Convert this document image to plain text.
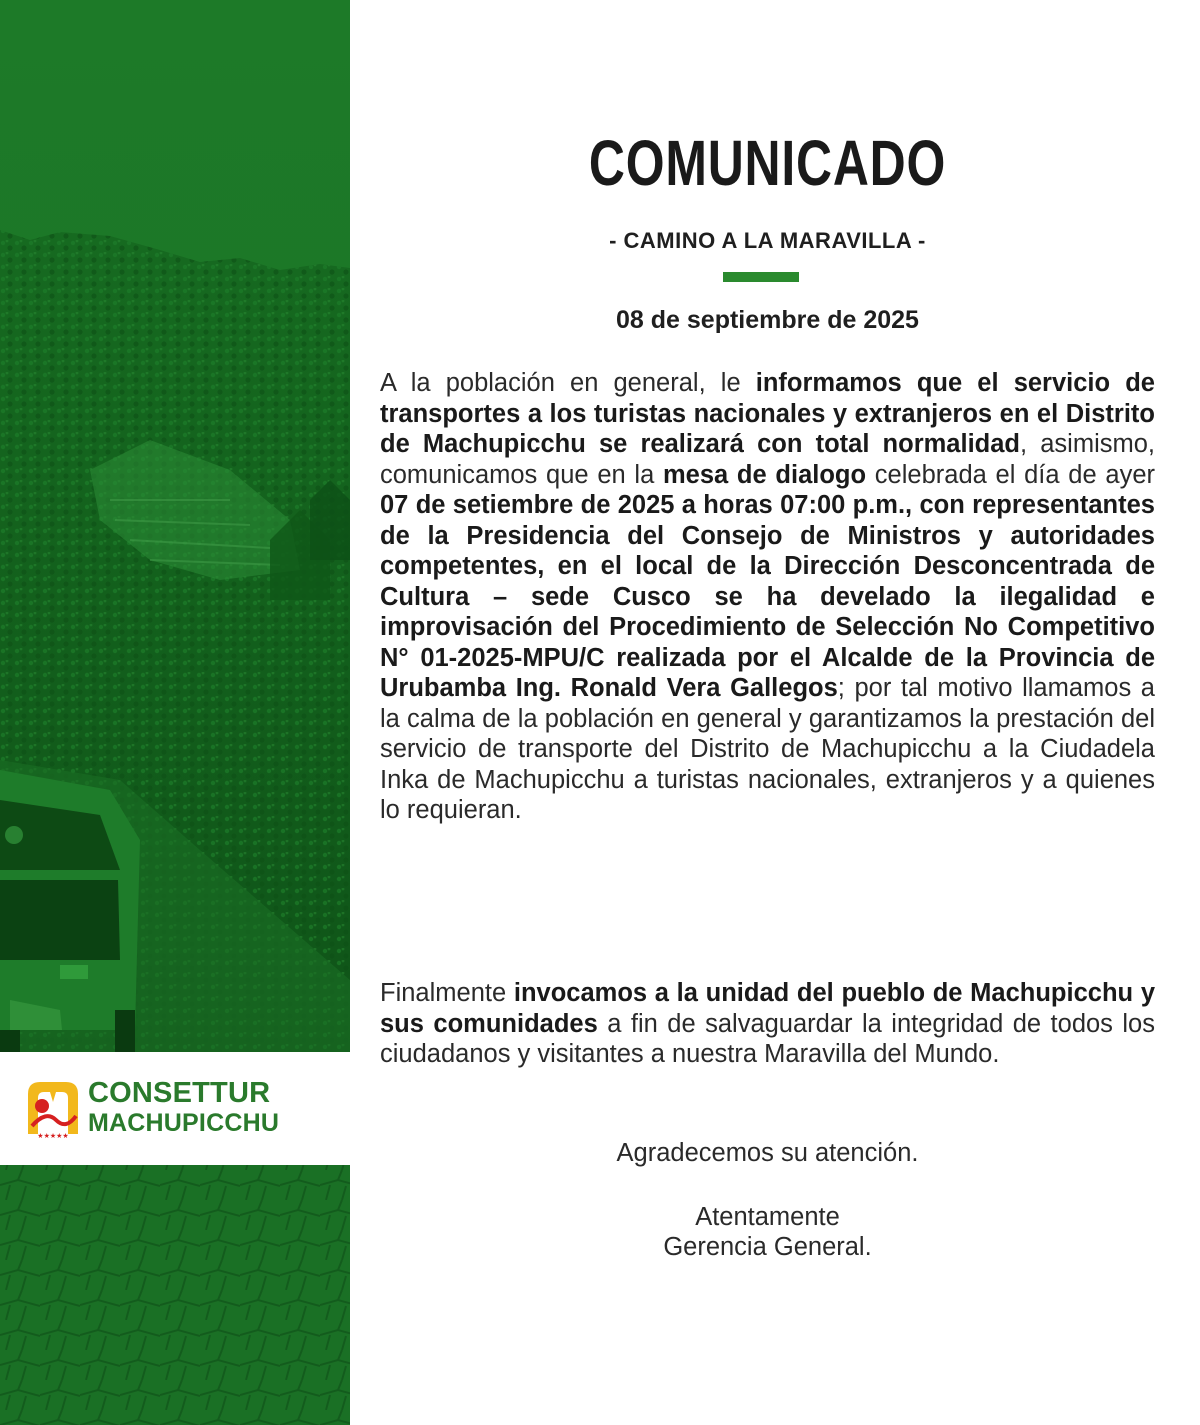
★★★★★
CONSETTUR
MACHUPICCHU
COMUNICADO
- CAMINO A LA MARAVILLA -
08 de septiembre de 2025

A la población en general, le informamos que el servicio de transportes a los turistas nacionales y extranjeros en el Distrito de Machupicchu se realizará con total normalidad, asimismo, comunicamos que en la mesa de dialogo celebrada el día de ayer 07 de setiembre de 2025 a horas 07:00 p.m., con representantes de la Presidencia del Consejo de Ministros y autoridades competentes, en el local de la Dirección Desconcentrada de Cultura – sede Cusco se ha develado la ilegalidad e improvisación del Procedimiento de Selección No Competitivo N° 01-2025-MPU/C realizada por el Alcalde de la Provincia de Urubamba Ing. Ronald Vera Gallegos; por tal motivo llamamos a la calma de la población en general y garantizamos la prestación del servicio de transporte del Distrito de Machupicchu a la Ciudadela Inka de Machupicchu a turistas nacionales, extranjeros y a quienes lo requieran.

Finalmente invocamos a la unidad del pueblo de Machupicchu y sus comunidades a fin de salvaguardar la integridad de todos los ciudadanos y visitantes a nuestra Maravilla del Mundo.

Agradecemos su atención.
Atentamente
Gerencia General.
